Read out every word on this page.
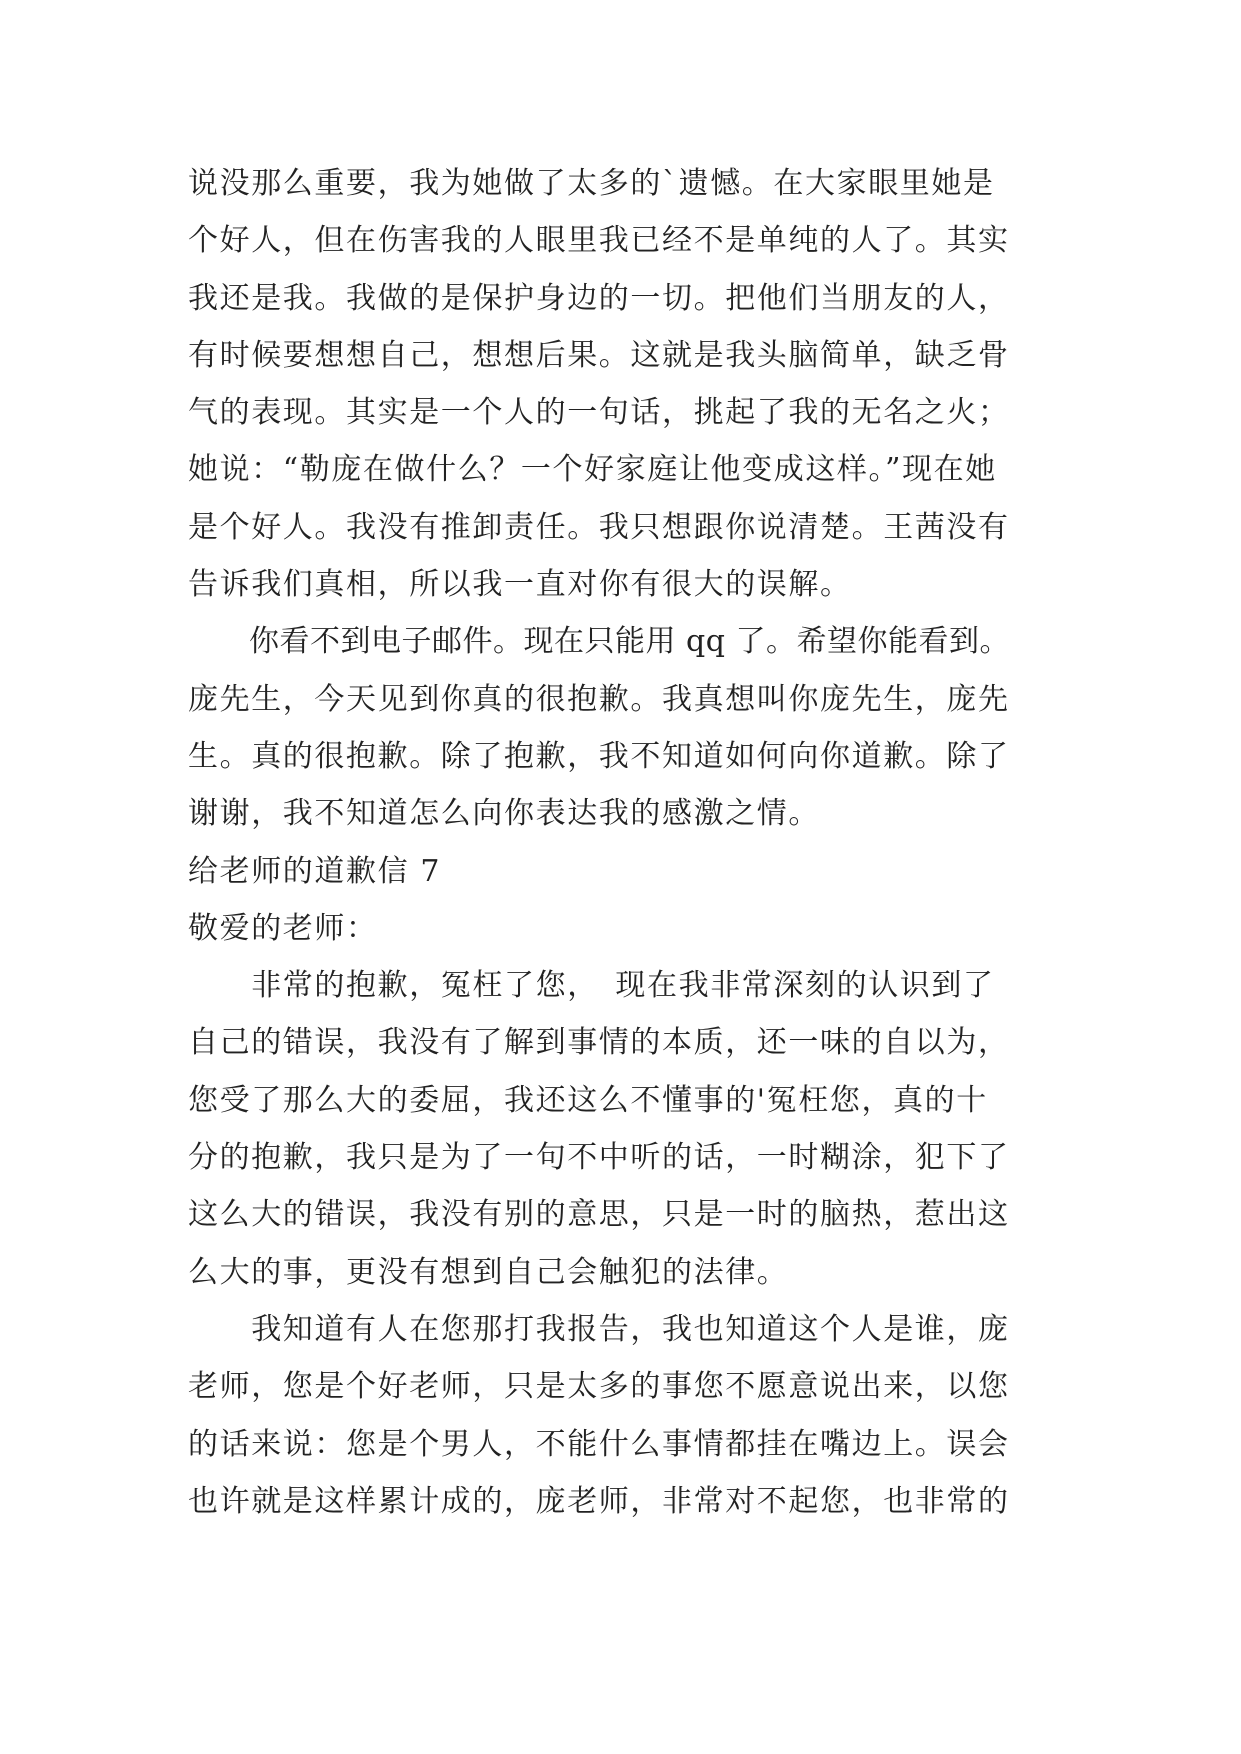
说没那么重要，我为她做了太多的`遗憾。在大家眼里她是
个好人，但在伤害我的人眼里我已经不是单纯的人了。其实
我还是我。我做的是保护身边的一切。把他们当朋友的人，
有时候要想想自己，想想后果。这就是我头脑简单，缺乏骨
气的表现。其实是一个人的一句话，挑起了我的无名之火；
她说：“勒庞在做什么？一个好家庭让他变成这样。”现在她
是个好人。我没有推卸责任。我只想跟你说清楚。王茜没有
告诉我们真相，所以我一直对你有很大的误解。
　　你看不到电子邮件。现在只能用 qq 了。希望你能看到。
庞先生，今天见到你真的很抱歉。我真想叫你庞先生，庞先
生。真的很抱歉。除了抱歉，我不知道如何向你道歉。除了
谢谢，我不知道怎么向你表达我的感激之情。
给老师的道歉信 7
敬爱的老师：
　　非常的抱歉，冤枉了您，　现在我非常深刻的认识到了
自己的错误，我没有了解到事情的本质，还一味的自以为，
您受了那么大的委屈，我还这么不懂事的'冤枉您，真的十
分的抱歉，我只是为了一句不中听的话，一时糊涂，犯下了
这么大的错误，我没有别的意思，只是一时的脑热，惹出这
么大的事，更没有想到自己会触犯的法律。
　　我知道有人在您那打我报告，我也知道这个人是谁，庞
老师，您是个好老师，只是太多的事您不愿意说出来，以您
的话来说：您是个男人，不能什么事情都挂在嘴边上。误会
也许就是这样累计成的，庞老师，非常对不起您，也非常的
